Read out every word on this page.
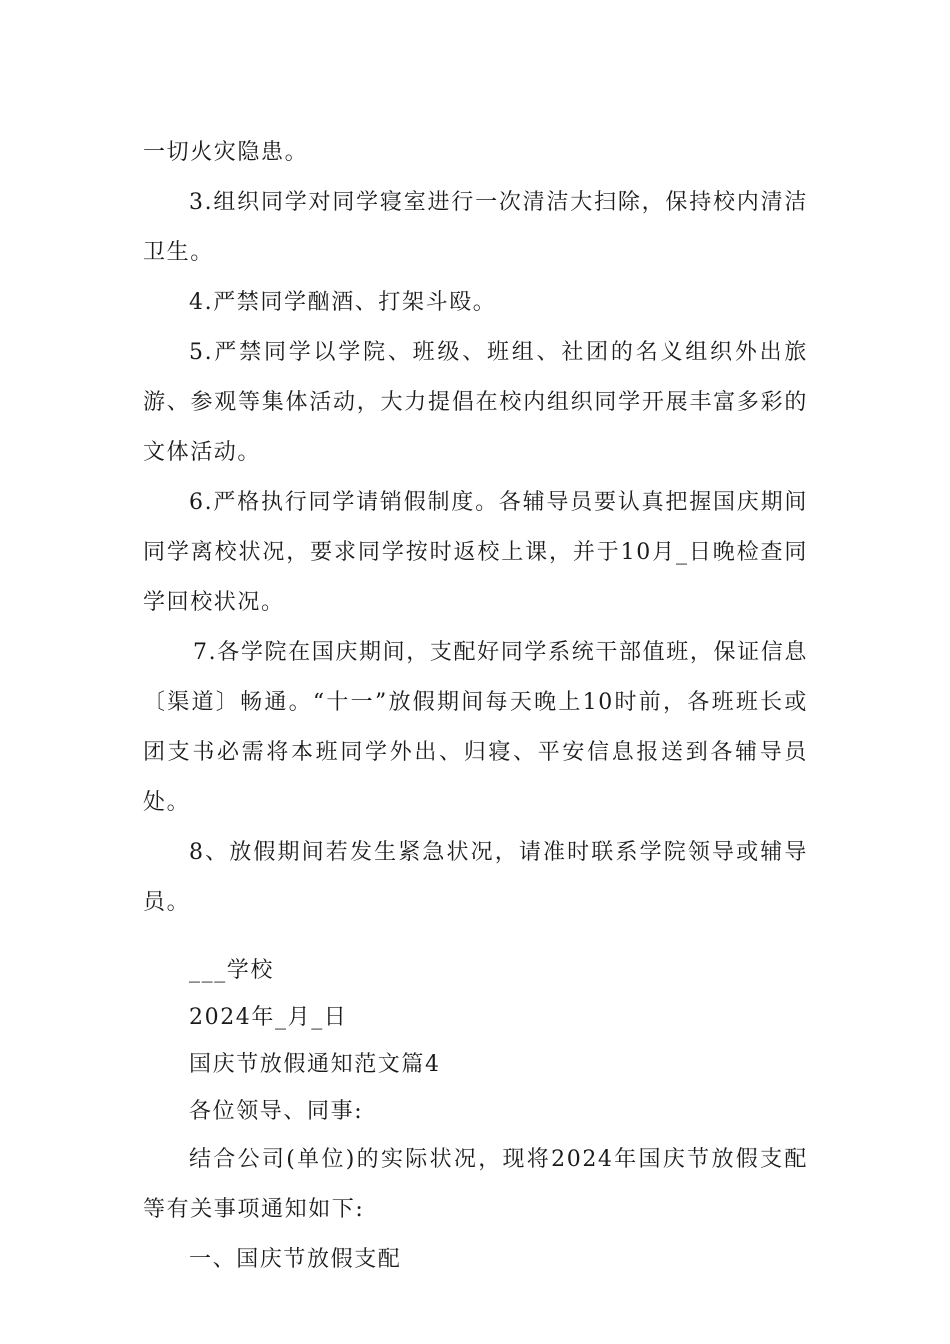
一切火灾隐患。

3.组织同学对同学寝室进行一次清洁大扫除，保持校内清洁卫生。

4.严禁同学酗酒、打架斗殴。

5.严禁同学以学院、班级、班组、社团的名义组织外出旅游、参观等集体活动，大力提倡在校内组织同学开展丰富多彩的文体活动。

6.严格执行同学请销假制度。各辅导员要认真把握国庆期间同学离校状况，要求同学按时返校上课，并于10月_日晚检查同学回校状况。

7.各学院在国庆期间，支配好同学系统干部值班，保证信息〔渠道〕畅通。“十一”放假期间每天晚上10时前，各班班长或团支书必需将本班同学外出、归寝、平安信息报送到各辅导员处。

8、放假期间若发生紧急状况，请准时联系学院领导或辅导员。

___学校

2024年_月_日

国庆节放假通知范文篇4

各位领导、同事:

结合公司(单位)的实际状况，现将2024年国庆节放假支配等有关事项通知如下:

一、国庆节放假支配
